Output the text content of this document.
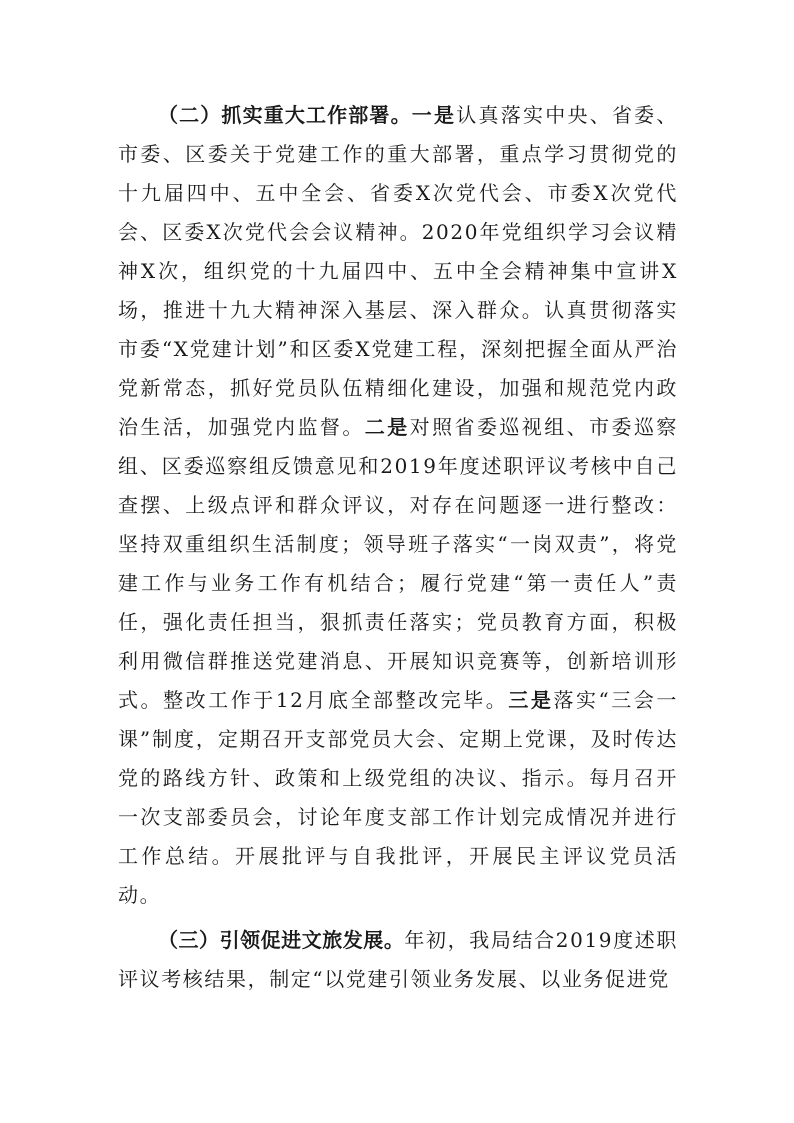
（二）抓实重大工作部署。一是认真落实中央、省委、市委、区委关于党建工作的重大部署，重点学习贯彻党的十九届四中、五中全会、省委X次党代会、市委X次党代会、区委X次党代会会议精神。2020年党组织学习会议精神X次，组织党的十九届四中、五中全会精神集中宣讲X场，推进十九大精神深入基层、深入群众。认真贯彻落实市委“X党建计划”和区委X党建工程，深刻把握全面从严治党新常态，抓好党员队伍精细化建设，加强和规范党内政治生活，加强党内监督。二是对照省委巡视组、市委巡察组、区委巡察组反馈意见和2019年度述职评议考核中自己查摆、上级点评和群众评议，对存在问题逐一进行整改：坚持双重组织生活制度；领导班子落实“一岗双责”，将党建工作与业务工作有机结合；履行党建“第一责任人”责任，强化责任担当，狠抓责任落实；党员教育方面，积极利用微信群推送党建消息、开展知识竞赛等，创新培训形式。整改工作于12月底全部整改完毕。三是落实“三会一课”制度，定期召开支部党员大会、定期上党课，及时传达党的路线方针、政策和上级党组的决议、指示。每月召开一次支部委员会，讨论年度支部工作计划完成情况并进行工作总结。开展批评与自我批评，开展民主评议党员活动。

（三）引领促进文旅发展。年初，我局结合2019度述职评议考核结果，制定“以党建引领业务发展、以业务促进党
